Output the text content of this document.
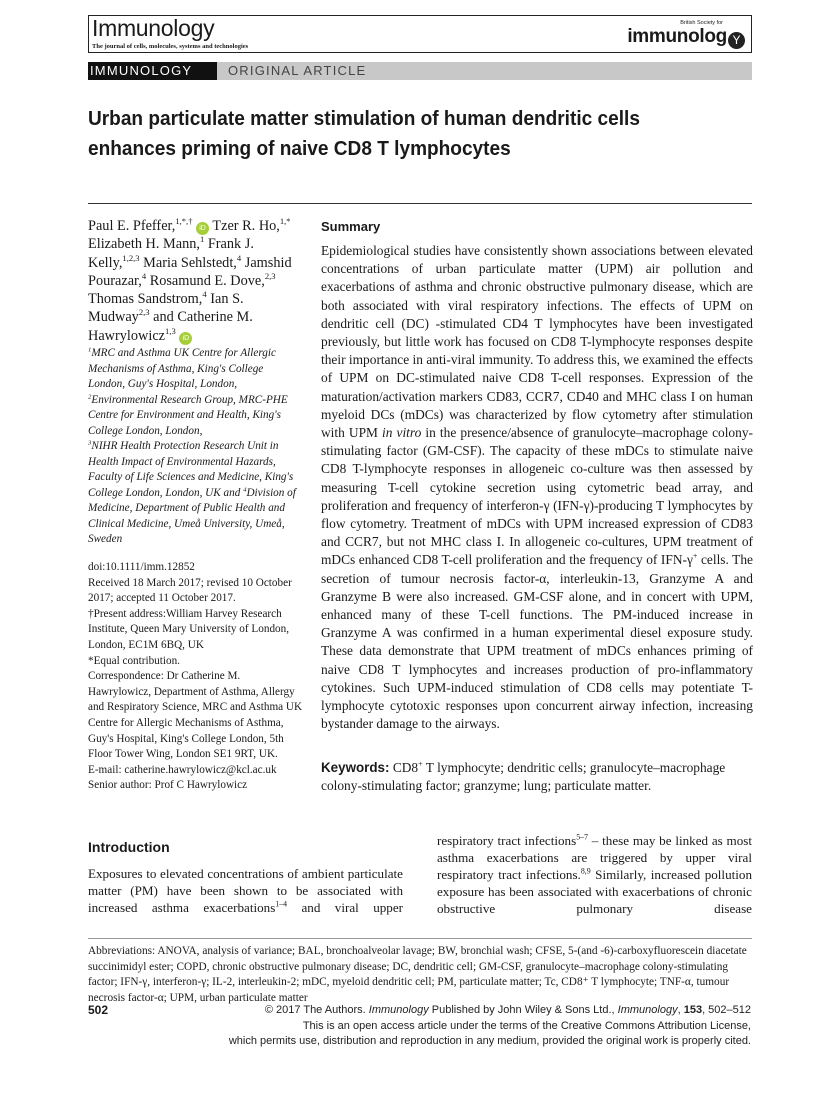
Immunology
The journal of cells, molecules, systems and technologies
British Society for
immunolog Y
IMMUNOLOGY	ORIGINAL ARTICLE
Urban particulate matter stimulation of human dendritic cells enhances priming of naive CD8 T lymphocytes
Paul E. Pfeffer,$^{1,*,\dagger}$ iD Tzer R. Ho,$^{1,*}$ Elizabeth H. Mann,$^1$ Frank J. Kelly,$^{1,2,3}$ Maria Sehlstedt,$^4$ Jamshid Pourazar,$^4$ Rosamund E. Dove,$^{2,3}$ Thomas Sandstrom,$^4$ Ian S. Mudway$^{2,3}$ and Catherine M. Hawrylowicz$^{1,3}$ iD
$^1$MRC and Asthma UK Centre for Allergic Mechanisms of Asthma, King's College London, Guy's Hospital, London,
$^2$Environmental Research Group, MRC-PHE Centre for Environment and Health, King's College London, London,
$^3$NIHR Health Protection Research Unit in Health Impact of Environmental Hazards, Faculty of Life Sciences and Medicine, King's College London, London, UK and $^4$Division of Medicine, Department of Public Health and Clinical Medicine, Umeå University, Umeå, Sweden
doi:10.1111/imm.12852
Received 18 March 2017; revised 10 October 2017; accepted 11 October 2017.
†Present address:William Harvey Research Institute, Queen Mary University of London, London, EC1M 6BQ, UK
*Equal contribution.
Correspondence: Dr Catherine M. Hawrylowicz, Department of Asthma, Allergy and Respiratory Science, MRC and Asthma UK Centre for Allergic Mechanisms of Asthma, Guy's Hospital, King's College London, 5th Floor Tower Wing, London SE1 9RT, UK.
E-mail: catherine.hawrylowicz@kcl.ac.uk
Senior author: Prof C Hawrylowicz
Summary
Epidemiological studies have consistently shown associations between elevated concentrations of urban particulate matter (UPM) air pollution and exacerbations of asthma and chronic obstructive pulmonary disease, which are both associated with viral respiratory infections. The effects of UPM on dendritic cell (DC) -stimulated CD4 T lymphocytes have been investigated previously, but little work has focused on CD8 T-lymphocyte responses despite their importance in anti-viral immunity. To address this, we examined the effects of UPM on DC-stimulated naive CD8 T-cell responses. Expression of the maturation/activation markers CD83, CCR7, CD40 and MHC class I on human myeloid DCs (mDCs) was characterized by flow cytometry after stimulation with UPM in vitro in the presence/absence of granulocyte–macrophage colony-stimulating factor (GM-CSF). The capacity of these mDCs to stimulate naive CD8 T-lymphocyte responses in allogeneic co-culture was then assessed by measuring T-cell cytokine secretion using cytometric bead array, and proliferation and frequency of interferon-γ (IFN-γ)-producing T lymphocytes by flow cytometry. Treatment of mDCs with UPM increased expression of CD83 and CCR7, but not MHC class I. In allogeneic co-cultures, UPM treatment of mDCs enhanced CD8 T-cell proliferation and the frequency of IFN-γ+ cells. The secretion of tumour necrosis factor-α, interleukin-13, Granzyme A and Granzyme B were also increased. GM-CSF alone, and in concert with UPM, enhanced many of these T-cell functions. The PM-induced increase in Granzyme A was confirmed in a human experimental diesel exposure study. These data demonstrate that UPM treatment of mDCs enhances priming of naive CD8 T lymphocytes and increases production of pro-inflammatory cytokines. Such UPM-induced stimulation of CD8 cells may potentiate T-lymphocyte cytotoxic responses upon concurrent airway infection, increasing bystander damage to the airways.
Keywords: CD8+ T lymphocyte; dendritic cells; granulocyte–macrophage colony-stimulating factor; granzyme; lung; particulate matter.
Introduction
Exposures to elevated concentrations of ambient particulate matter (PM) have been shown to be associated with increased asthma exacerbations$^{1-4}$ and viral upper
respiratory tract infections$^{5-7}$ – these may be linked as most asthma exacerbations are triggered by upper viral respiratory tract infections.$^{8,9}$ Similarly, increased pollution exposure has been associated with exacerbations of chronic obstructive pulmonary disease
Abbreviations: ANOVA, analysis of variance; BAL, bronchoalveolar lavage; BW, bronchial wash; CFSE, 5-(and -6)-carboxyfluorescein diacetate succinimidyl ester; COPD, chronic obstructive pulmonary disease; DC, dendritic cell; GM-CSF, granulocyte–macrophage colony-stimulating factor; IFN-γ, interferon-γ; IL-2, interleukin-2; mDC, myeloid dendritic cell; PM, particulate matter; Tc, CD8⁺ T lymphocyte; TNF-α, tumour necrosis factor-α; UPM, urban particulate matter
502	© 2017 The Authors. Immunology Published by John Wiley & Sons Ltd., Immunology, 153, 502–512
This is an open access article under the terms of the Creative Commons Attribution License,
which permits use, distribution and reproduction in any medium, provided the original work is properly cited.
